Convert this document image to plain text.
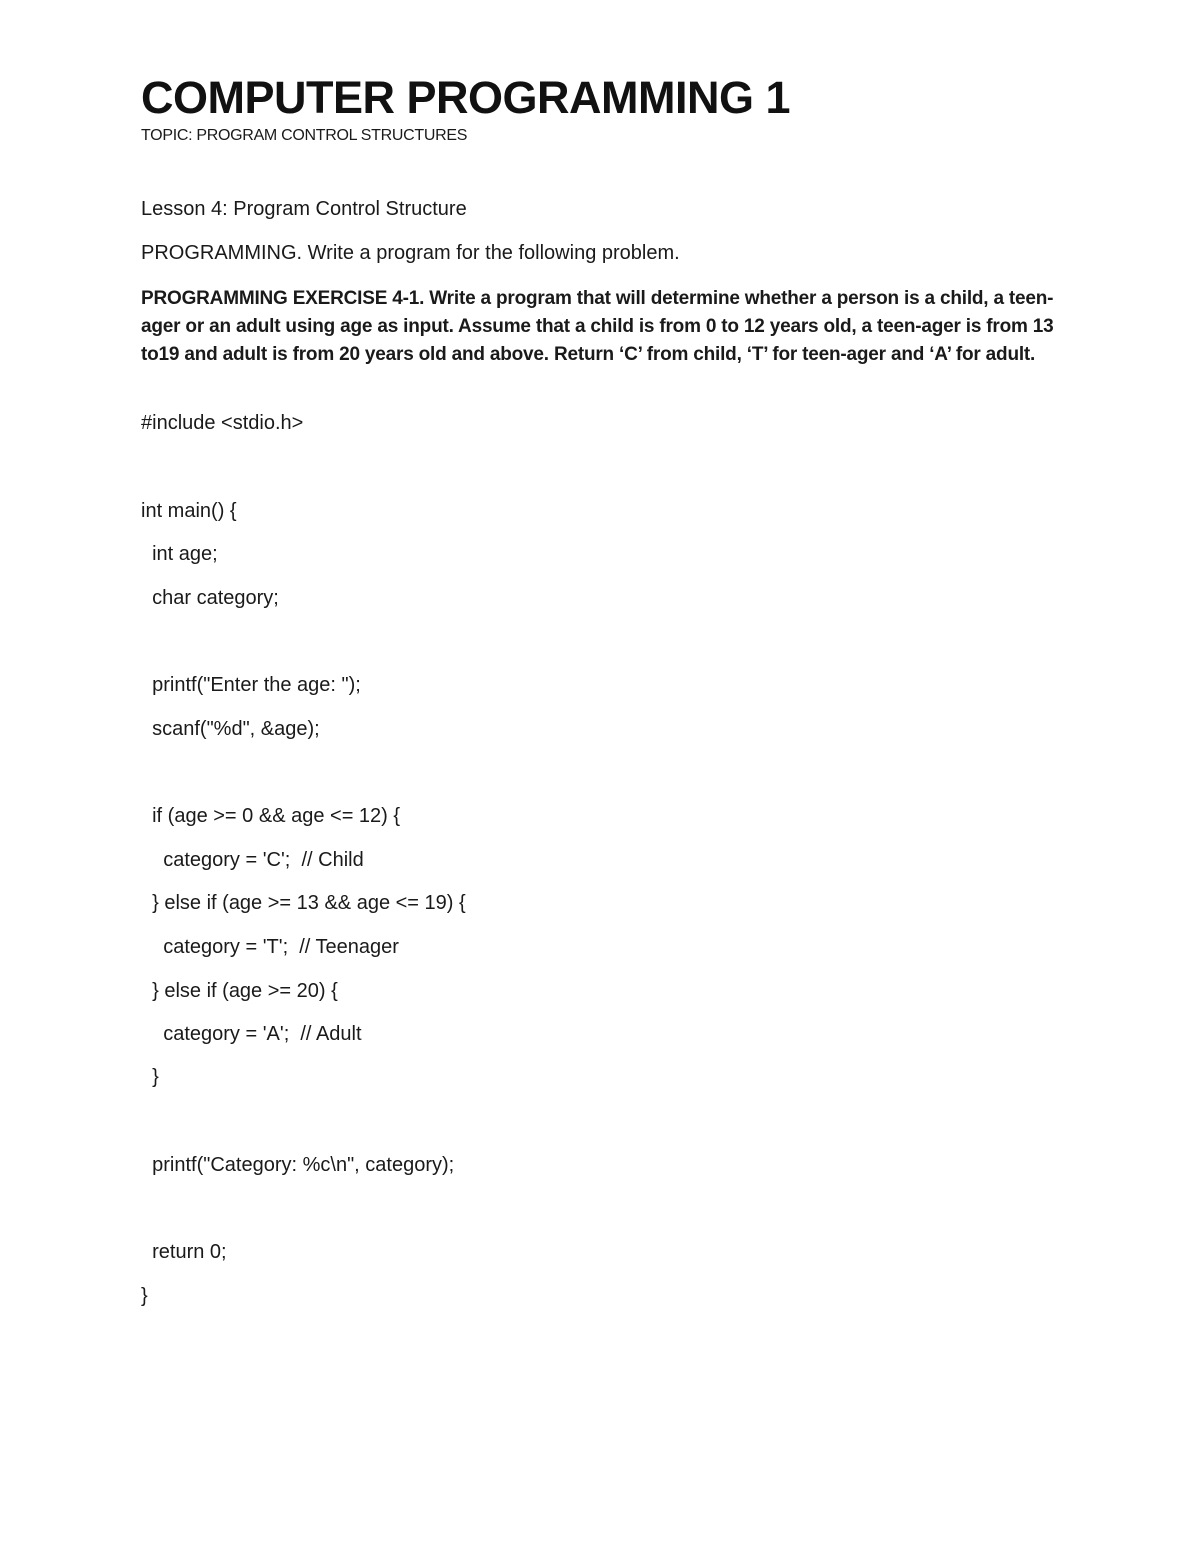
COMPUTER PROGRAMMING 1
TOPIC: PROGRAM CONTROL STRUCTURES
Lesson 4: Program Control Structure
PROGRAMMING. Write a program for the following problem.
PROGRAMMING EXERCISE 4-1. Write a program that will determine whether a person is a child, a teen-ager or an adult using age as input. Assume that a child is from 0 to 12 years old, a teen-ager is from 13 to19 and adult is from 20 years old and above. Return ‘C’ from child, ‘T’ for teen-ager and ‘A’ for adult.
#include <stdio.h>
int main() {
int age;
char category;
printf("Enter the age: ");
scanf("%d", &age);
if (age >= 0 && age <= 12) {
category = 'C';  // Child
} else if (age >= 13 && age <= 19) {
category = 'T';  // Teenager
} else if (age >= 20) {
category = 'A';  // Adult
}
printf("Category: %c\n", category);
return 0;
}
